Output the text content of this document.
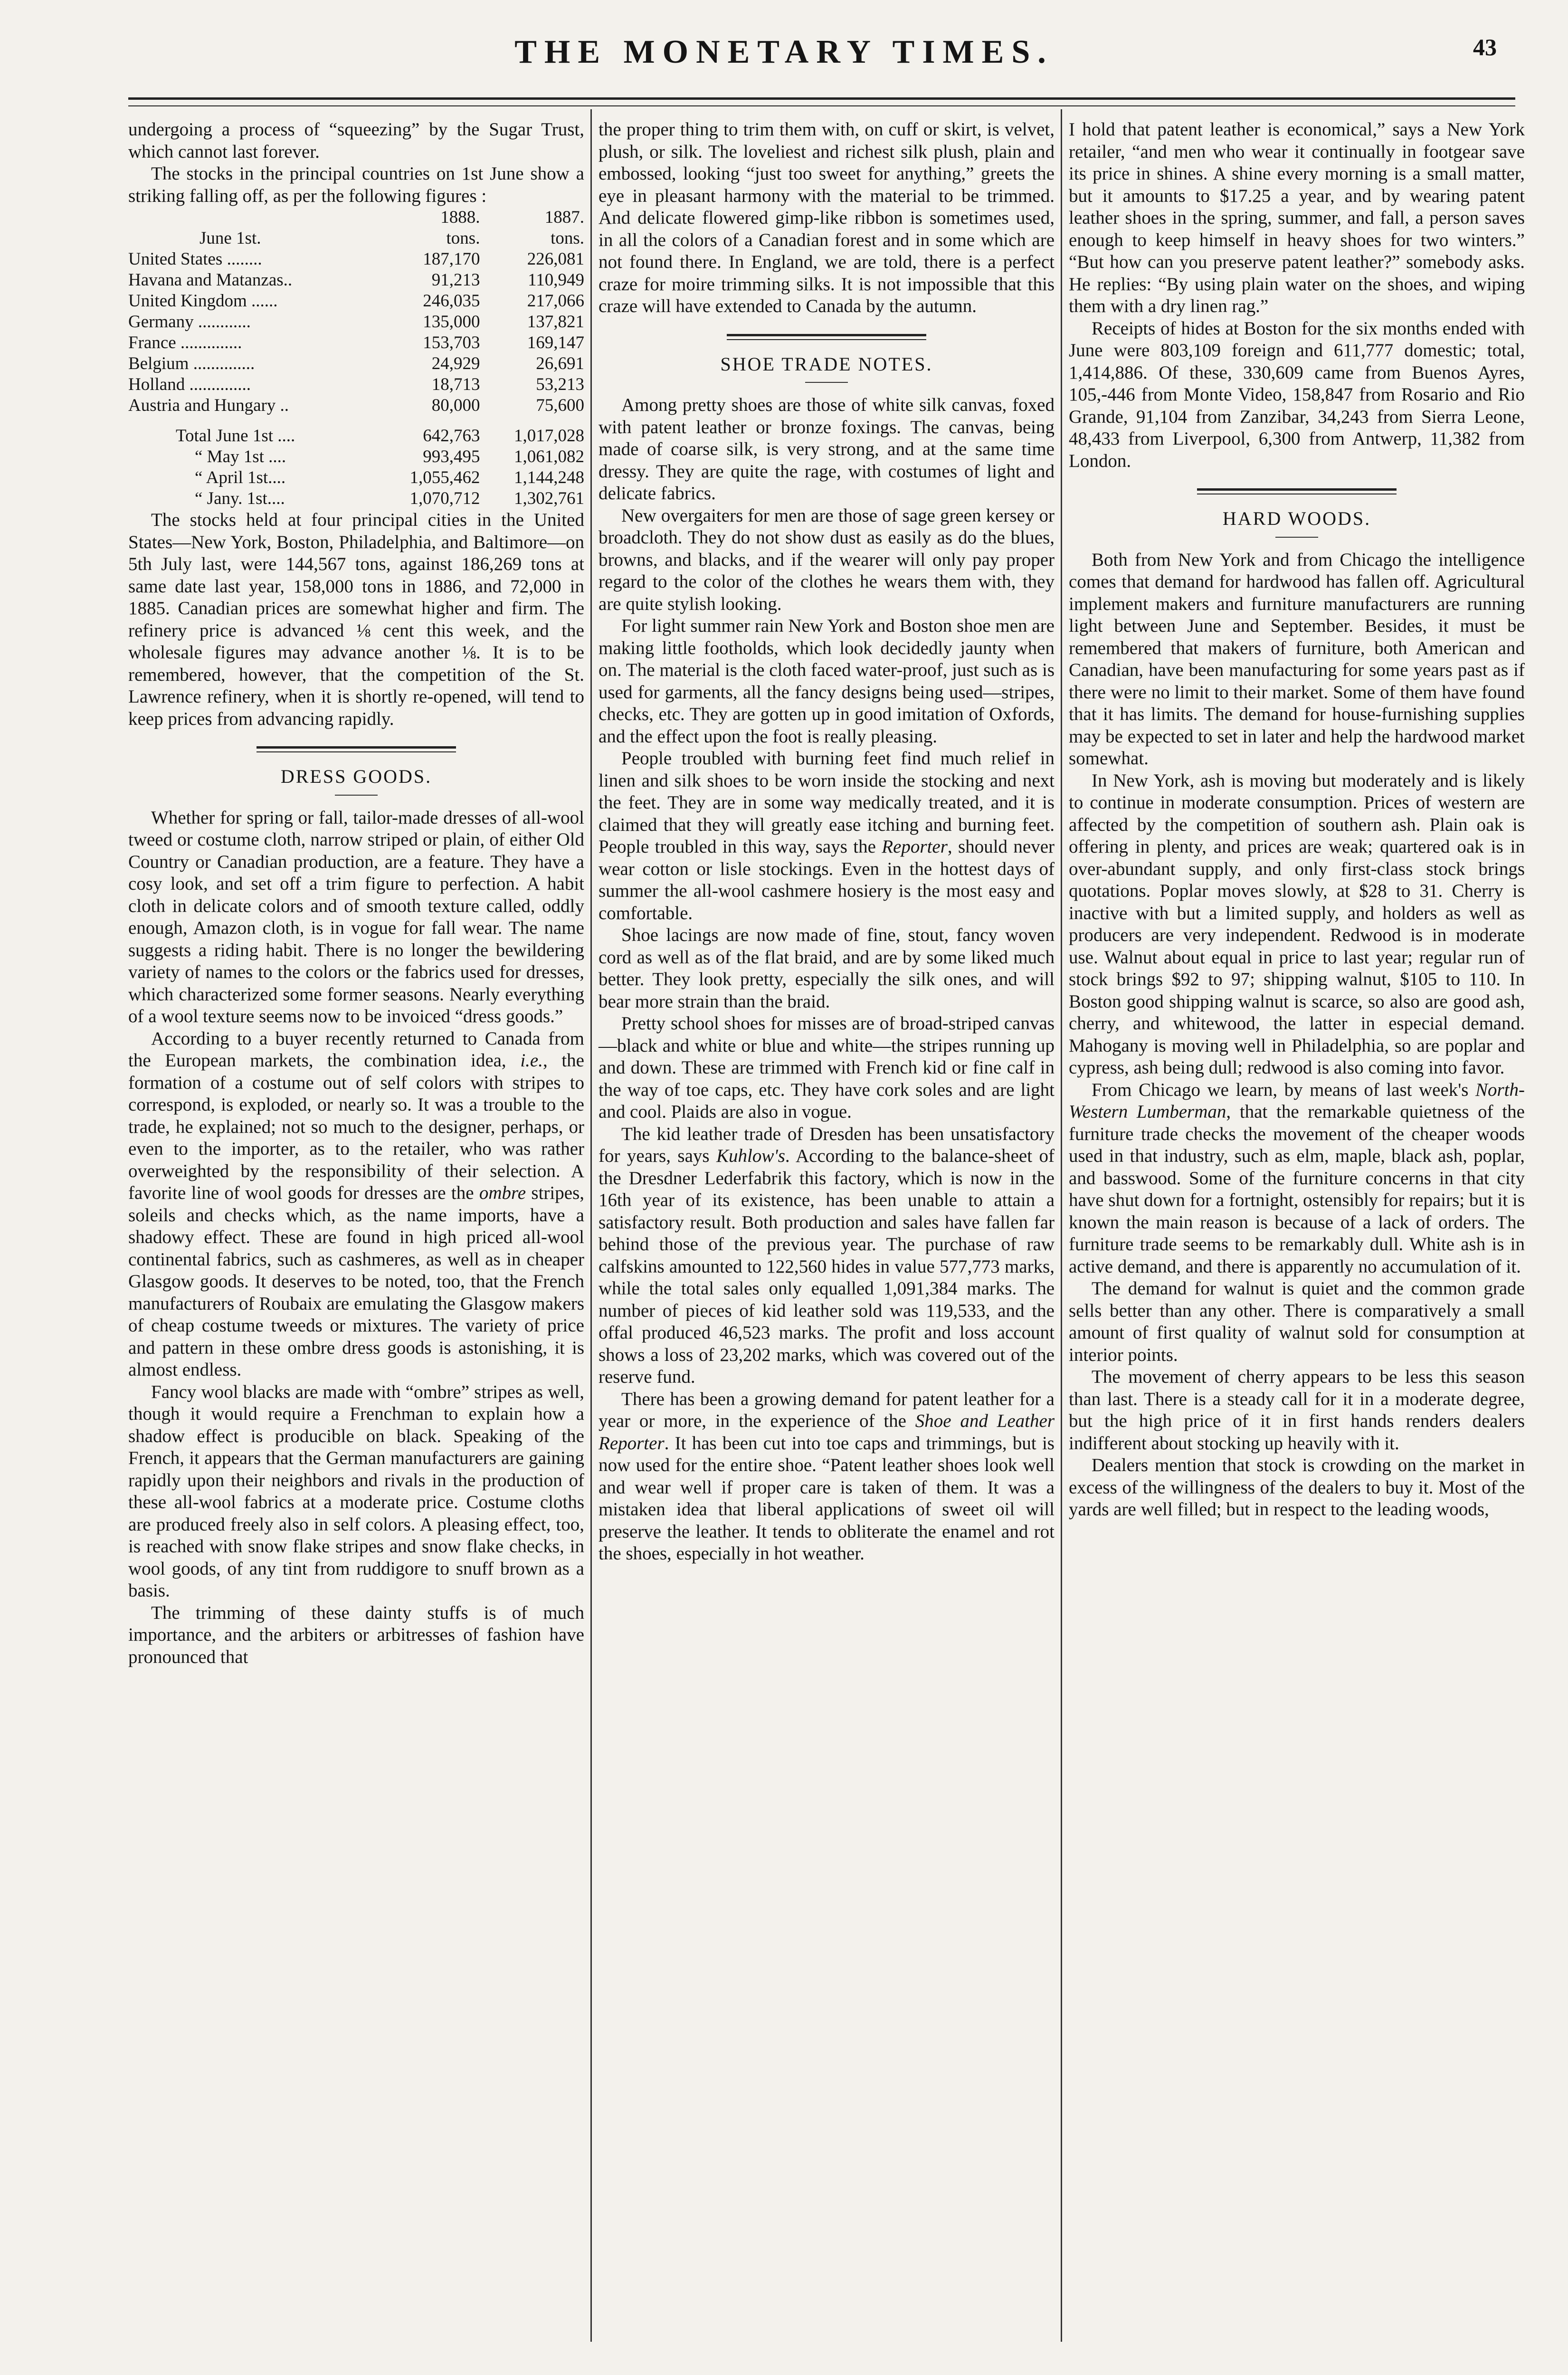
THE MONETARY TIMES.	43

undergoing a process of “squeezing” by the Sugar Trust, which cannot last forever.

The stocks in the principal countries on 1st June show a striking falling off, as per the following figures :

	1888.	1887.
June 1st.	tons.	tons.
United States ........	187,170	226,081
Havana and Matanzas..	91,213	110,949
United Kingdom ......	246,035	217,066
Germany ............	135,000	137,821
France ..............	153,703	169,147
Belgium ..............	24,929	26,691
Holland ..............	18,713	53,213
Austria and Hungary ..	80,000	75,600

Total June 1st ....	642,763	1,017,028
“ May 1st ....	993,495	1,061,082
“ April 1st....	1,055,462	1,144,248
“ Jany. 1st....	1,070,712	1,302,761

The stocks held at four principal cities in the United States—New York, Boston, Philadelphia, and Baltimore—on 5th July last, were 144,567 tons, against 186,269 tons at same date last year, 158,000 tons in 1886, and 72,000 in 1885. Canadian prices are somewhat higher and firm. The refinery price is advanced ⅛ cent this week, and the wholesale figures may advance another ⅛. It is to be remembered, however, that the competition of the St. Lawrence refinery, when it is shortly re-opened, will tend to keep prices from advancing rapidly.

DRESS GOODS.

Whether for spring or fall, tailor-made dresses of all-wool tweed or costume cloth, narrow striped or plain, of either Old Country or Canadian production, are a feature. They have a cosy look, and set off a trim figure to perfection. A habit cloth in delicate colors and of smooth texture called, oddly enough, Amazon cloth, is in vogue for fall wear. The name suggests a riding habit. There is no longer the bewildering variety of names to the colors or the fabrics used for dresses, which characterized some former seasons. Nearly everything of a wool texture seems now to be invoiced “dress goods.”

According to a buyer recently returned to Canada from the European markets, the combination idea, i.e., the formation of a costume out of self colors with stripes to correspond, is exploded, or nearly so. It was a trouble to the trade, he explained; not so much to the designer, perhaps, or even to the importer, as to the retailer, who was rather overweighted by the responsibility of their selection. A favorite line of wool goods for dresses are the ombre stripes, soleils and checks which, as the name imports, have a shadowy effect. These are found in high priced all-wool continental fabrics, such as cashmeres, as well as in cheaper Glasgow goods. It deserves to be noted, too, that the French manufacturers of Roubaix are emulating the Glasgow makers of cheap costume tweeds or mixtures. The variety of price and pattern in these ombre dress goods is astonishing, it is almost endless.

Fancy wool blacks are made with “ombre” stripes as well, though it would require a Frenchman to explain how a shadow effect is producible on black. Speaking of the French, it appears that the German manufacturers are gaining rapidly upon their neighbors and rivals in the production of these all-wool fabrics at a moderate price. Costume cloths are produced freely also in self colors. A pleasing effect, too, is reached with snow flake stripes and snow flake checks, in wool goods, of any tint from ruddigore to snuff brown as a basis.

The trimming of these dainty stuffs is of much importance, and the arbiters or arbitresses of fashion have pronounced that

the proper thing to trim them with, on cuff or skirt, is velvet, plush, or silk. The loveliest and richest silk plush, plain and embossed, looking “just too sweet for anything,” greets the eye in pleasant harmony with the material to be trimmed. And delicate flowered gimp-like ribbon is sometimes used, in all the colors of a Canadian forest and in some which are not found there. In England, we are told, there is a perfect craze for moire trimming silks. It is not impossible that this craze will have extended to Canada by the autumn.

SHOE TRADE NOTES.

Among pretty shoes are those of white silk canvas, foxed with patent leather or bronze foxings. The canvas, being made of coarse silk, is very strong, and at the same time dressy. They are quite the rage, with costumes of light and delicate fabrics.

New overgaiters for men are those of sage green kersey or broadcloth. They do not show dust as easily as do the blues, browns, and blacks, and if the wearer will only pay proper regard to the color of the clothes he wears them with, they are quite stylish looking.

For light summer rain New York and Boston shoe men are making little footholds, which look decidedly jaunty when on. The material is the cloth faced water-proof, just such as is used for garments, all the fancy designs being used—stripes, checks, etc. They are gotten up in good imitation of Oxfords, and the effect upon the foot is really pleasing.

People troubled with burning feet find much relief in linen and silk shoes to be worn inside the stocking and next the feet. They are in some way medically treated, and it is claimed that they will greatly ease itching and burning feet. People troubled in this way, says the Reporter, should never wear cotton or lisle stockings. Even in the hottest days of summer the all-wool cashmere hosiery is the most easy and comfortable.

Shoe lacings are now made of fine, stout, fancy woven cord as well as of the flat braid, and are by some liked much better. They look pretty, especially the silk ones, and will bear more strain than the braid.

Pretty school shoes for misses are of broad-striped canvas—black and white or blue and white—the stripes running up and down. These are trimmed with French kid or fine calf in the way of toe caps, etc. They have cork soles and are light and cool. Plaids are also in vogue.

The kid leather trade of Dresden has been unsatisfactory for years, says Kuhlow's. According to the balance-sheet of the Dresdner Lederfabrik this factory, which is now in the 16th year of its existence, has been unable to attain a satisfactory result. Both production and sales have fallen far behind those of the previous year. The purchase of raw calfskins amounted to 122,560 hides in value 577,773 marks, while the total sales only equalled 1,091,384 marks. The number of pieces of kid leather sold was 119,533, and the offal produced 46,523 marks. The profit and loss account shows a loss of 23,202 marks, which was covered out of the reserve fund.

There has been a growing demand for patent leather for a year or more, in the experience of the Shoe and Leather Reporter. It has been cut into toe caps and trimmings, but is now used for the entire shoe. “Patent leather shoes look well and wear well if proper care is taken of them. It was a mistaken idea that liberal applications of sweet oil will preserve the leather. It tends to obliterate the enamel and rot the shoes, especially in hot weather.

I hold that patent leather is economical,” says a New York retailer, “and men who wear it continually in footgear save its price in shines. A shine every morning is a small matter, but it amounts to $17.25 a year, and by wearing patent leather shoes in the spring, summer, and fall, a person saves enough to keep himself in heavy shoes for two winters.” “But how can you preserve patent leather?” somebody asks. He replies: “By using plain water on the shoes, and wiping them with a dry linen rag.”

Receipts of hides at Boston for the six months ended with June were 803,109 foreign and 611,777 domestic; total, 1,414,886. Of these, 330,609 came from Buenos Ayres, 105,-446 from Monte Video, 158,847 from Rosario and Rio Grande, 91,104 from Zanzibar, 34,243 from Sierra Leone, 48,433 from Liverpool, 6,300 from Antwerp, 11,382 from London.

HARD WOODS.

Both from New York and from Chicago the intelligence comes that demand for hardwood has fallen off. Agricultural implement makers and furniture manufacturers are running light between June and September. Besides, it must be remembered that makers of furniture, both American and Canadian, have been manufacturing for some years past as if there were no limit to their market. Some of them have found that it has limits. The demand for house-furnishing supplies may be expected to set in later and help the hardwood market somewhat.

In New York, ash is moving but moderately and is likely to continue in moderate consumption. Prices of western are affected by the competition of southern ash. Plain oak is offering in plenty, and prices are weak; quartered oak is in over-abundant supply, and only first-class stock brings quotations. Poplar moves slowly, at $28 to 31. Cherry is inactive with but a limited supply, and holders as well as producers are very independent. Redwood is in moderate use. Walnut about equal in price to last year; regular run of stock brings $92 to 97; shipping walnut, $105 to 110. In Boston good shipping walnut is scarce, so also are good ash, cherry, and whitewood, the latter in especial demand. Mahogany is moving well in Philadelphia, so are poplar and cypress, ash being dull; redwood is also coming into favor.

From Chicago we learn, by means of last week's North-Western Lumberman, that the remarkable quietness of the furniture trade checks the movement of the cheaper woods used in that industry, such as elm, maple, black ash, poplar, and basswood. Some of the furniture concerns in that city have shut down for a fortnight, ostensibly for repairs; but it is known the main reason is because of a lack of orders. The furniture trade seems to be remarkably dull. White ash is in active demand, and there is apparently no accumulation of it.

The demand for walnut is quiet and the common grade sells better than any other. There is comparatively a small amount of first quality of walnut sold for consumption at interior points.

The movement of cherry appears to be less this season than last. There is a steady call for it in a moderate degree, but the high price of it in first hands renders dealers indifferent about stocking up heavily with it.

Dealers mention that stock is crowding on the market in excess of the willingness of the dealers to buy it. Most of the yards are well filled; but in respect to the leading woods,
